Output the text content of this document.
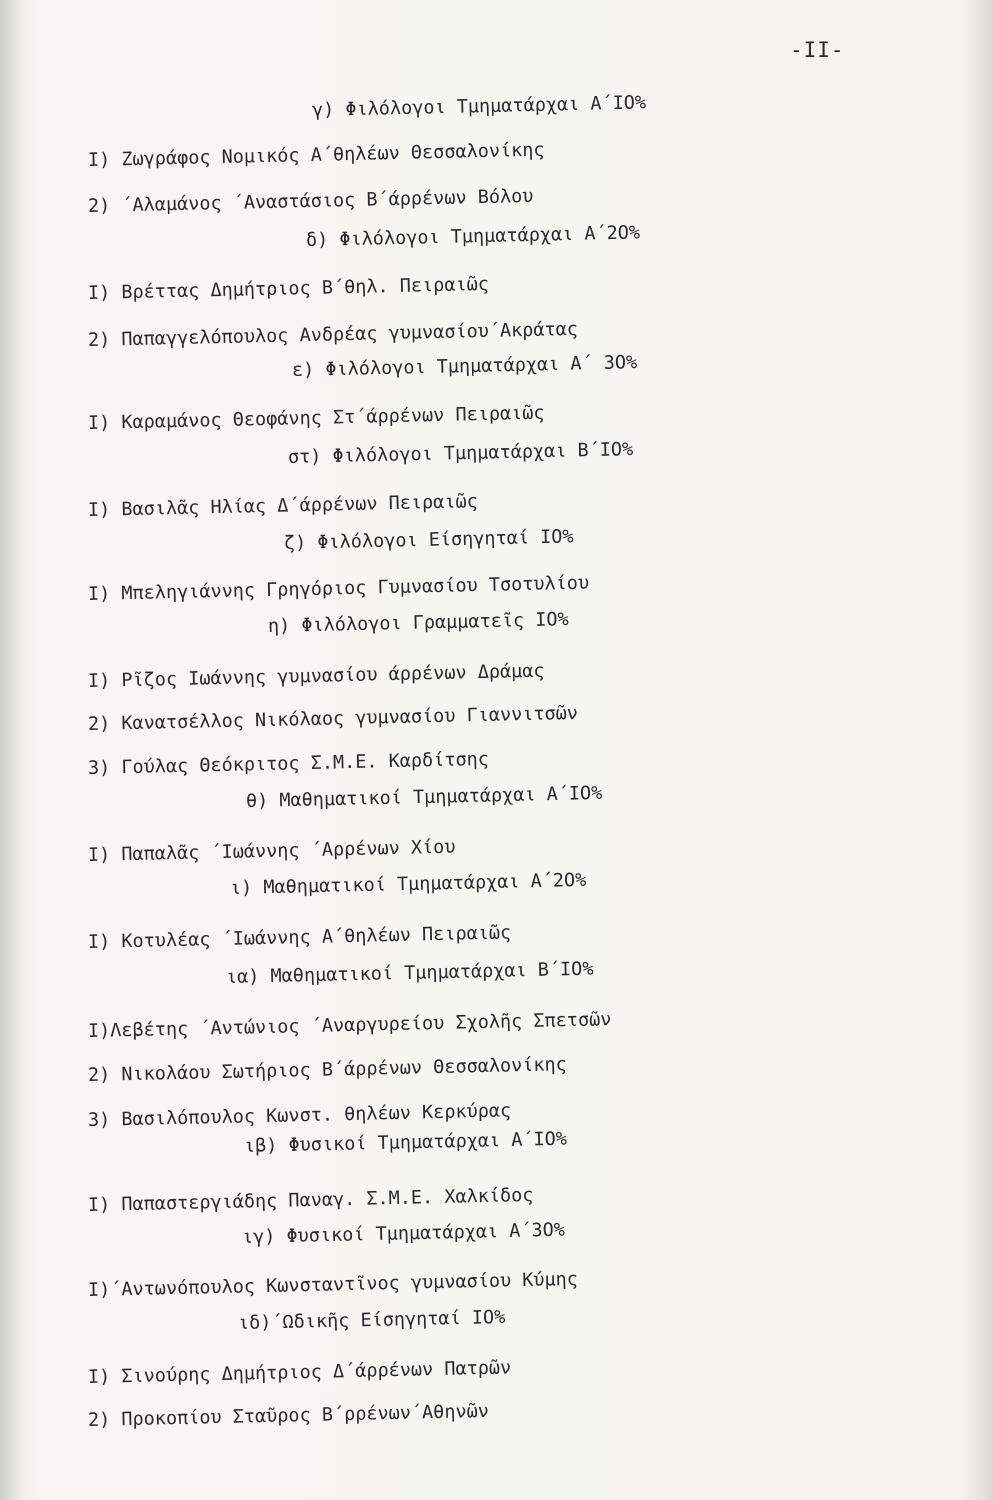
-II-
γ) Φιλόλογοι Τμηματάρχαι Α΄ΙΟ%
Ι) Ζωγράφος Νομικός Α΄θηλέων Θεσσαλονίκης
2) ΄Αλαμάνος ΄Αναστάσιος Β΄άρρένων Βόλου
δ) Φιλόλογοι Τμηματάρχαι Α΄2Ο%
Ι) Βρέττας Δημήτριος Β΄θηλ. Πειραιῶς
2) Παπαγγελόπουλος Ανδρέας γυμνασίου΄Ακράτας
ε) Φιλόλογοι Τμηματάρχαι Α΄ 3Ο%
Ι) Καραμάνος Θεοφάνης Στ΄άρρένων Πειραιῶς
στ) Φιλόλογοι Τμηματάρχαι Β΄ΙΟ%
Ι) Βασιλᾶς Ηλίας Δ΄άρρένων Πειραιῶς
ζ) Φιλόλογοι Είσηγηταί ΙΟ%
Ι) Μπεληγιάννης Γρηγόριος Γυμνασίου Τσοτυλίου
η) Φιλόλογοι Γραμματεῖς ΙΟ%
Ι) Ρῖζος Ιωάννης γυμνασίου άρρένων Δράμας
2) Κανατσέλλος Νικόλαος γυμνασίου Γιαννιτσῶν
3) Γούλας Θεόκριτος Σ.Μ.Ε. Καρδίτσης
θ) Μαθηματικοί Τμηματάρχαι Α΄ΙΟ%
Ι) Παπαλᾶς ΄Ιωάννης ΄Αρρένων Χίου
ι) Μαθηματικοί Τμηματάρχαι Α΄2Ο%
Ι) Κοτυλέας ΄Ιωάννης Α΄θηλέων Πειραιῶς
ια) Μαθηματικοί Τμηματάρχαι Β΄ΙΟ%
Ι)Λεβέτης ΄Αντώνιος ΄Αναργυρείου Σχολῆς Σπετσῶν
2) Νικολάου Σωτήριος Β΄άρρένων Θεσσαλονίκης
3) Βασιλόπουλος Κωνστ. θηλέων Κερκύρας
ιβ) Φυσικοί Τμηματάρχαι Α΄ΙΟ%
Ι) Παπαστεργιάδης Παναγ. Σ.Μ.Ε. Χαλκίδος
ιγ) Φυσικοί Τμηματάρχαι Α΄3Ο%
Ι)΄Αντωνόπουλος Κωνσταντῖνος γυμνασίου Κύμης
ιδ)΄Ωδικῆς Είσηγηταί ΙΟ%
Ι) Σινούρης Δημήτριος Δ΄άρρένων Πατρῶν
2) Προκοπίου Σταῦρος Β΄ρρένων΄Αθηνῶν
